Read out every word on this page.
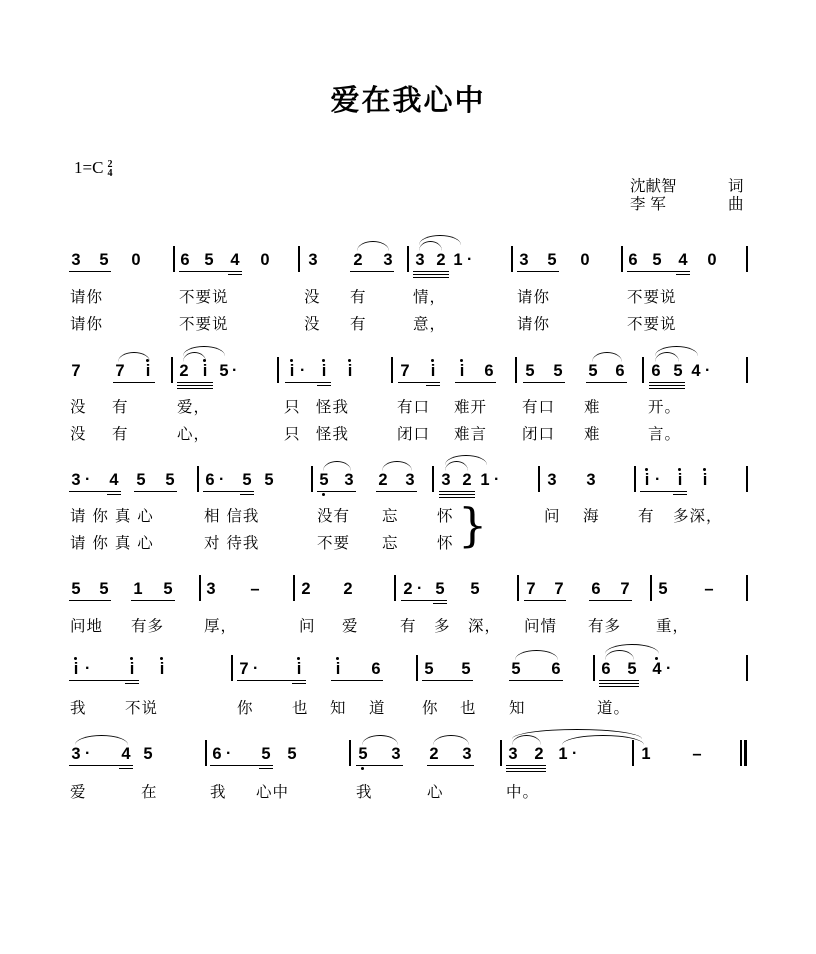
爱在我心中
1=C 2
4
沈献智	词
李 军	曲
3 5 0 6 5 4 0 3 2 3 3 2 1 ·	3 5 0 6 5 4 0
请你	不要说	没 有	情，	请你	不要说
请你	不要说	没 有	意，	请你	不要说
7 7 i 2 i 5 ·	i · i i	7 i i 6 5 5 5 6 6 5 4 ·
没 有	爱，	只 怪我	有口 难开 有口 难	开。
没 有	心，	只 怪我	闭口 难言 闭口 难	言。
3 · 4 5 5 6 · 5 5	5 3 2 3 3 2 1 ·	3 3	i · i i
请 你 真 心	相 信我	没有 忘 怀
请 你 真 心	对 待我	不要 忘 怀 }	问 海 有 多深，
5 5 1 5 3 –	2 2	2 · 5 5	7 7 6 7 5 –
问地 有多	厚，	问 爱	有 多 深， 问情 有多 重，
i · i i	7 · i i 6	5 5 5 6 6 5 4 ·
我 不说	你 也 知 道 你 也 知	道。
3 · 4 5	6 · 5 5	5 3 2 3 3 2 1 ·	1	–
爱	在	我 心中	我	心	中。
